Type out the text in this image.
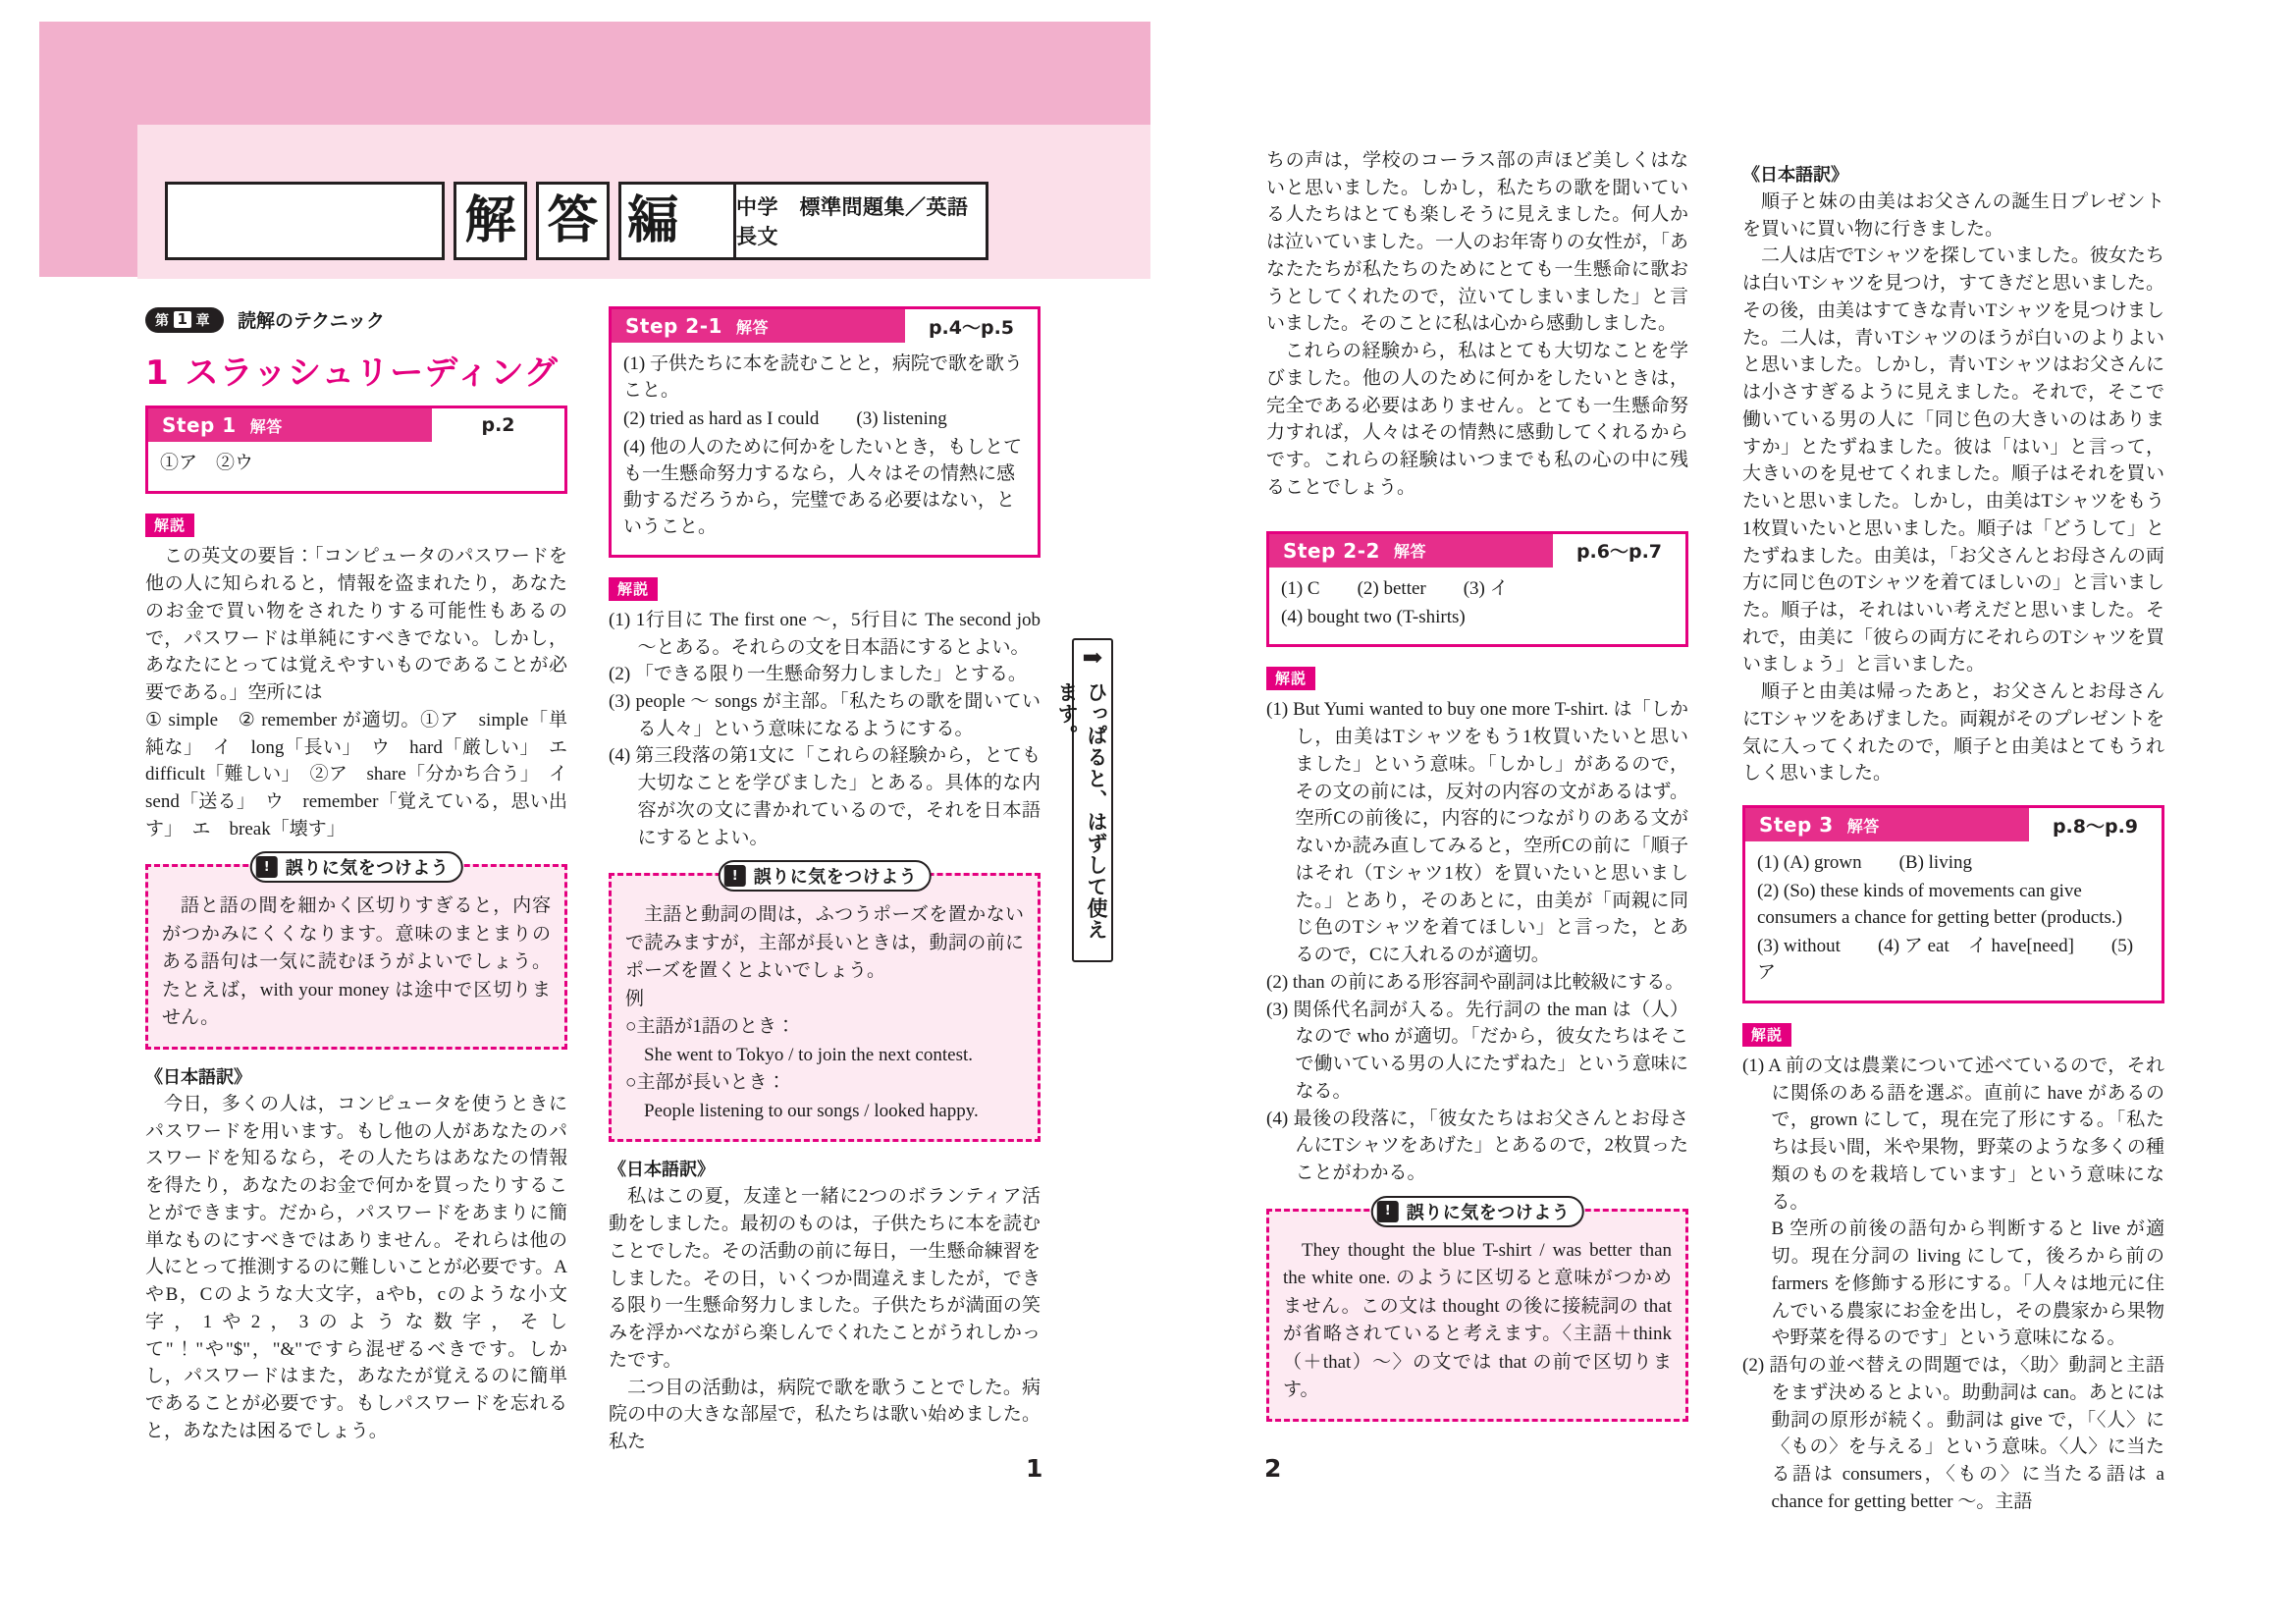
解 答 編	中学　標準問題集／英語長文
第 1 章 読解のテクニック
1 スラッシュリーディング
Step 1 解答	p.2

①ア　②ウ

解説

この英文の要旨：「コンピュータのパスワードを他の人に知られると，情報を盗まれたり，あなたのお金で買い物をされたりする可能性もあるので，パスワードは単純にすべきでない。しかし，あなたにとっては覚えやすいものであることが必要である。」空所には

① simple　② remember が適切。①ア　simple「単純な」　イ　long「長い」　ウ　hard「厳しい」　エ　difficult「難しい」　②ア　share「分かち合う」　イ　send「送る」　ウ　remember「覚えている，思い出す」　エ　break「壊す」

! 誤りに気をつけよう

語と語の間を細かく区切りすぎると，内容がつかみにくくなります。意味のまとまりのある語句は一気に読むほうがよいでしょう。たとえば，with your money は途中で区切りません。

《日本語訳》

今日，多くの人は，コンピュータを使うときにパスワードを用います。もし他の人があなたのパスワードを知るなら，その人たちはあなたの情報を得たり，あなたのお金で何かを買ったりすることができます。だから，パスワードをあまりに簡単なものにすべきではありません。それらは他の人にとって推測するのに難しいことが必要です。AやB，Cのような大文字，aやb，cのような小文字，1や2，3のような数字，そして"！"や"$"，"&"ですら混ぜるべきです。しかし，パスワードはまた，あなたが覚えるのに簡単であることが必要です。もしパスワードを忘れると，あなたは困るでしょう。

Step 2-1 解答	p.4～p.5

(1) 子供たちに本を読むことと，病院で歌を歌うこと。

(2) tried as hard as I could　　(3) listening

(4) 他の人のために何かをしたいとき，もしとても一生懸命努力するなら，人々はその情熱に感動するだろうから，完璧である必要はない，ということ。

解説

(1) 1行目に The first one ～，5行目に The second job ～とある。それらの文を日本語にするとよい。

(2) 「できる限り一生懸命努力しました」とする。

(3) people ～ songs が主部。「私たちの歌を聞いている人々」という意味になるようにする。

(4) 第三段落の第1文に「これらの経験から，とても大切なことを学びました」とある。具体的な内容が次の文に書かれているので，それを日本語にするとよい。

! 誤りに気をつけよう

主語と動詞の間は，ふつうポーズを置かないで読みますが，主部が長いときは，動詞の前にポーズを置くとよいでしょう。

例

○主語が1語のとき：

She went to Tokyo / to join the next contest.

○主部が長いとき：

People listening to our songs / looked happy.

《日本語訳》

私はこの夏，友達と一緒に2つのボランティア活動をしました。最初のものは，子供たちに本を読むことでした。その活動の前に毎日，一生懸命練習をしました。その日，いくつか間違えましたが，できる限り一生懸命努力しました。子供たちが満面の笑みを浮かべながら楽しんでくれたことがうれしかったです。

二つ目の活動は，病院で歌を歌うことでした。病院の中の大きな部屋で，私たちは歌い始めました。私た

➡
ひっぱると、はずして使えます。

ちの声は，学校のコーラス部の声ほど美しくはないと思いました。しかし，私たちの歌を聞いている人たちはとても楽しそうに見えました。何人かは泣いていました。一人のお年寄りの女性が，「あなたたちが私たちのためにとても一生懸命に歌おうとしてくれたので，泣いてしまいました」と言いました。そのことに私は心から感動しました。

これらの経験から，私はとても大切なことを学びました。他の人のために何かをしたいときは，完全である必要はありません。とても一生懸命努力すれば，人々はその情熱に感動してくれるからです。これらの経験はいつまでも私の心の中に残ることでしょう。

Step 2-2 解答	p.6～p.7

(1) C　　(2) better　　(3) イ

(4) bought two (T-shirts)

解説

(1) But Yumi wanted to buy one more T-shirt. は「しかし，由美はTシャツをもう1枚買いたいと思いました」という意味。「しかし」があるので，その文の前には，反対の内容の文があるはず。空所Cの前後に，内容的につながりのある文がないか読み直してみると，空所Cの前に「順子はそれ（Tシャツ1枚）を買いたいと思いました。」とあり，そのあとに，由美が「両親に同じ色のTシャツを着てほしい」と言った，とあるので，Cに入れるのが適切。

(2) than の前にある形容詞や副詞は比較級にする。

(3) 関係代名詞が入る。先行詞の the man は（人）なので who が適切。「だから，彼女たちはそこで働いている男の人にたずねた」という意味になる。

(4) 最後の段落に，「彼女たちはお父さんとお母さんにTシャツをあげた」とあるので，2枚買ったことがわかる。

! 誤りに気をつけよう

They thought the blue T-shirt / was better than the white one. のように区切ると意味がつかめません。この文は thought の後に接続詞の that が省略されていると考えます。〈主語＋think（＋that）～〉の文では that の前で区切ります。

《日本語訳》

順子と妹の由美はお父さんの誕生日プレゼントを買いに買い物に行きました。

二人は店でTシャツを探していました。彼女たちは白いTシャツを見つけ，すてきだと思いました。その後，由美はすてきな青いTシャツを見つけました。二人は，青いTシャツのほうが白いのよりよいと思いました。しかし，青いTシャツはお父さんには小さすぎるように見えました。それで，そこで働いている男の人に「同じ色の大きいのはありますか」とたずねました。彼は「はい」と言って，大きいのを見せてくれました。順子はそれを買いたいと思いました。しかし，由美はTシャツをもう1枚買いたいと思いました。順子は「どうして」とたずねました。由美は，「お父さんとお母さんの両方に同じ色のTシャツを着てほしいの」と言いました。順子は，それはいい考えだと思いました。それで，由美に「彼らの両方にそれらのTシャツを買いましょう」と言いました。

順子と由美は帰ったあと，お父さんとお母さんにTシャツをあげました。両親がそのプレゼントを気に入ってくれたので，順子と由美はとてもうれしく思いました。

Step 3 解答	p.8～p.9

(1) (A) grown　　(B) living

(2) (So) these kinds of movements can give consumers a chance for getting better (products.)

(3) without　　(4) ア eat　イ have[need]　　(5) ア

解説

(1) A 前の文は農業について述べているので，それに関係のある語を選ぶ。直前に have があるので，grown にして，現在完了形にする。「私たちは長い間，米や果物，野菜のような多くの種類のものを栽培しています」という意味になる。

B 空所の前後の語句から判断すると live が適切。現在分詞の living にして，後ろから前の farmers を修飾する形にする。「人々は地元に住んでいる農家にお金を出し，その農家から果物や野菜を得るのです」という意味になる。

(2) 語句の並べ替えの問題では，〈助〉動詞と主語をまず決めるとよい。助動詞は can。あとには動詞の原形が続く。動詞は give で，「〈人〉に〈もの〉を与える」という意味。〈人〉に当たる語は consumers，〈もの〉に当たる語は a chance for getting better ～。主語

1	2
